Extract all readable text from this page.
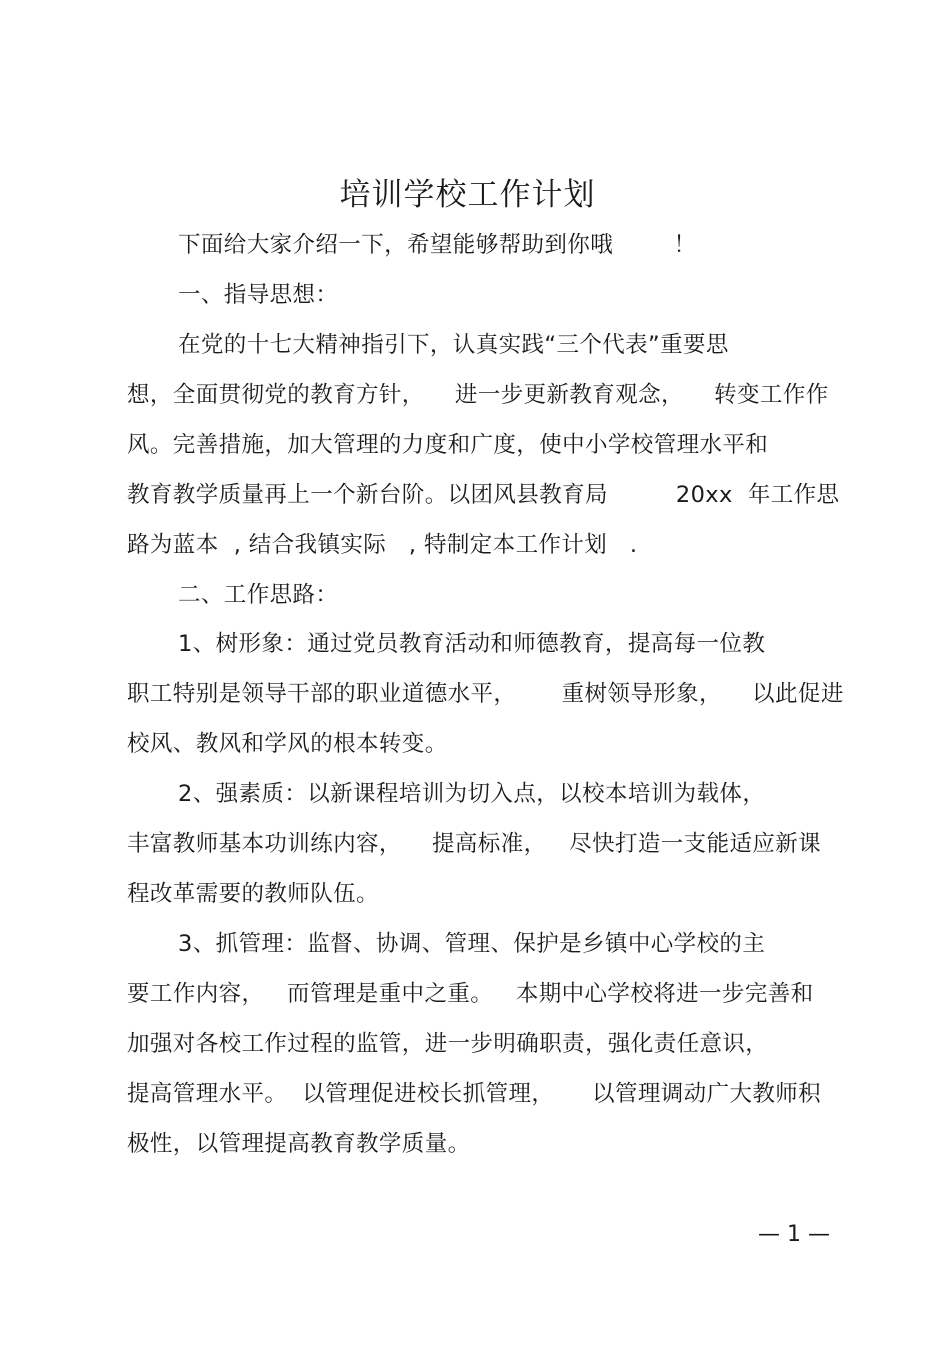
培训学校工作计划
下面给大家介绍一下，希望能够帮助到你哦        ！
一、指导思想：
在党的十七大精神指引下，认真实践“三个代表”重要思
想，全面贯彻党的教育方针，    进一步更新教育观念，    转变工作作
风。完善措施，加大管理的力度和广度，使中小学校管理水平和
教育教学质量再上一个新台阶。以团风县教育局         20xx  年工作思
路为蓝本  , 结合我镇实际   , 特制定本工作计划   .
二、工作思路：
1、树形象：通过党员教育活动和师德教育，提高每一位教
职工特别是领导干部的职业道德水平，      重树领导形象，    以此促进
校风、教风和学风的根本转变。
2、强素质：以新课程培训为切入点，以校本培训为载体，
丰富教师基本功训练内容，    提高标准，   尽快打造一支能适应新课
程改革需要的教师队伍。
3、抓管理：监督、协调、管理、保护是乡镇中心学校的主
要工作内容，   而管理是重中之重。   本期中心学校将进一步完善和
加强对各校工作过程的监管，进一步明确职责，强化责任意识，
提高管理水平。  以管理促进校长抓管理，     以管理调动广大教师积
极性，以管理提高教育教学质量。
— 1 —
